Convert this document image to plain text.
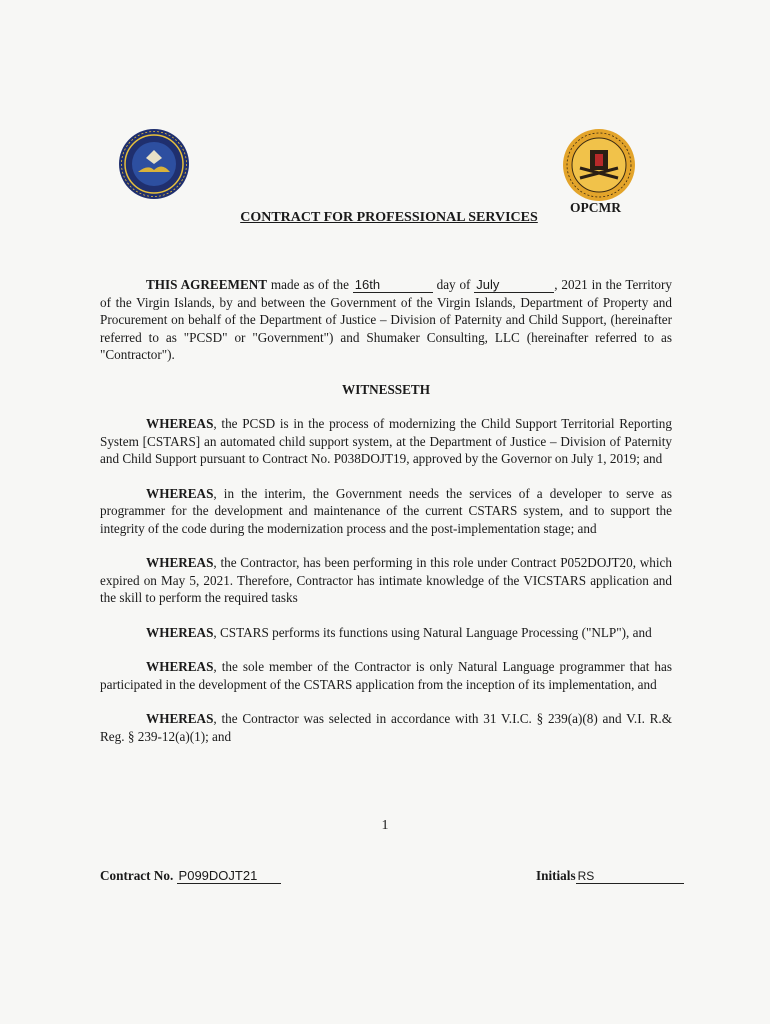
OPCMR
CONTRACT FOR PROFESSIONAL SERVICES

THIS AGREEMENT made as of the 16th	day of July	, 2021 in the Territory of the Virgin Islands, by and between the Government of the Virgin Islands, Department of Property and Procurement on behalf of the Department of Justice – Division of Paternity and Child Support, (hereinafter referred to as "PCSD" or "Government") and Shumaker Consulting, LLC (hereinafter referred to as "Contractor").

WITNESSETH

WHEREAS, the PCSD is in the process of modernizing the Child Support Territorial Reporting System [CSTARS] an automated child support system, at the Department of Justice – Division of Paternity and Child Support pursuant to Contract No. P038DOJT19, approved by the Governor on July 1, 2019; and

WHEREAS, in the interim, the Government needs the services of a developer to serve as programmer for the development and maintenance of the current CSTARS system, and to support the integrity of the code during the modernization process and the post-implementation stage; and

WHEREAS, the Contractor, has been performing in this role under Contract P052DOJT20, which expired on May 5, 2021. Therefore, Contractor has intimate knowledge of the VICSTARS application and the skill to perform the required tasks

WHEREAS, CSTARS performs its functions using Natural Language Processing ("NLP"), and

WHEREAS, the sole member of the Contractor is only Natural Language programmer that has participated in the development of the CSTARS application from the inception of its implementation, and

WHEREAS, the Contractor was selected in accordance with 31 V.I.C. § 239(a)(8) and V.I. R.& Reg. § 239-12(a)(1); and

1
Contract No. P099DOJT21	Initials RS
